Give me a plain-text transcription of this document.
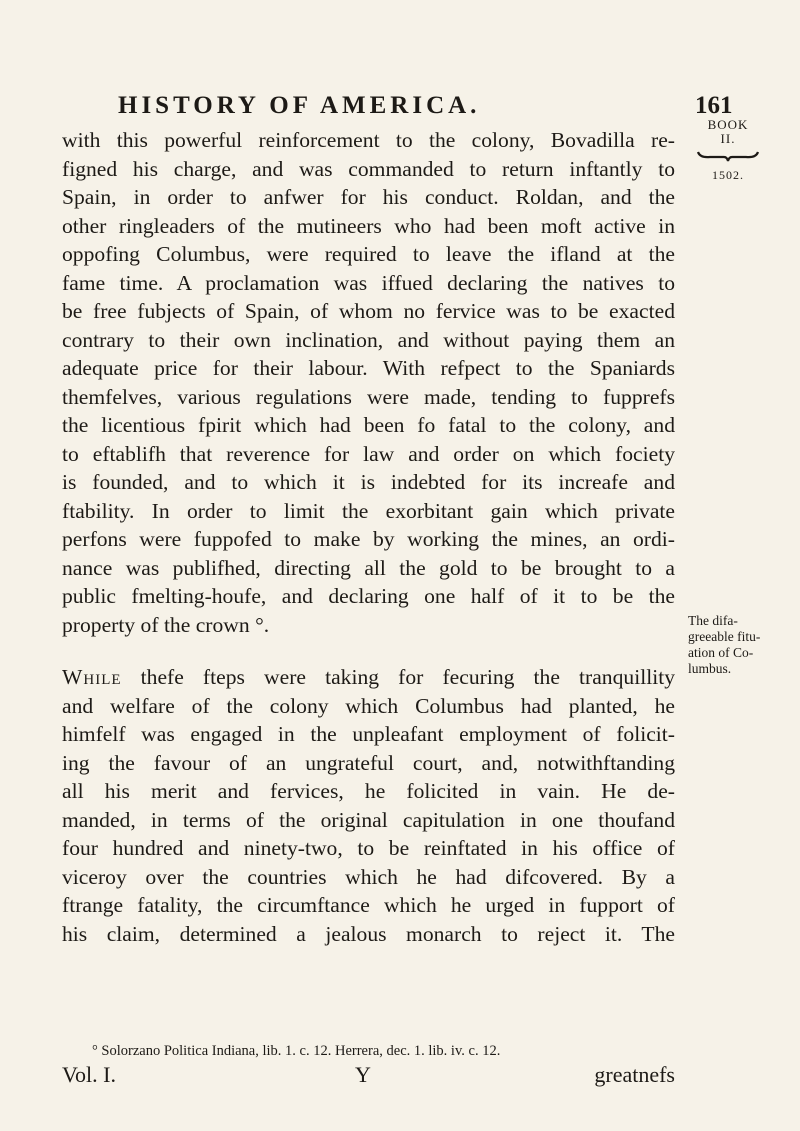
HISTORY OF AMERICA.	161
BOOK
II.
1502.
with this powerful reinforcement to the colony, Bovadilla re-
figned his charge, and was commanded to return inftantly to
Spain, in order to anfwer for his conduct. Roldan, and the
other ringleaders of the mutineers who had been moft active in
oppofing Columbus, were required to leave the ifland at the
fame time. A proclamation was iffued declaring the natives to
be free fubjects of Spain, of whom no fervice was to be exacted
contrary to their own inclination, and without paying them an
adequate price for their labour. With refpect to the Spaniards
themfelves, various regulations were made, tending to fupprefs
the licentious fpirit which had been fo fatal to the colony, and
to eftablifh that reverence for law and order on which fociety
is founded, and to which it is indebted for its increafe and
ftability. In order to limit the exorbitant gain which private
perfons were fuppofed to make by working the mines, an ordi-
nance was publifhed, directing all the gold to be brought to a
public fmelting-houfe, and declaring one half of it to be the
property of the crown °.
While thefe fteps were taking for fecuring the tranquillity
and welfare of the colony which Columbus had planted, he
himfelf was engaged in the unpleafant employment of folicit-
ing the favour of an ungrateful court, and, notwithftanding
all his merit and fervices, he folicited in vain. He de-
manded, in terms of the original capitulation in one thoufand
four hundred and ninety-two, to be reinftated in his office of
viceroy over the countries which he had difcovered. By a
ftrange fatality, the circumftance which he urged in fupport of
his claim, determined a jealous monarch to reject it. The
The difa-
greeable fitu-
ation of Co-
lumbus.
° Solorzano Politica Indiana, lib. 1. c. 12. Herrera, dec. 1. lib. iv. c. 12.
Vol. I.	Y	greatnefs
